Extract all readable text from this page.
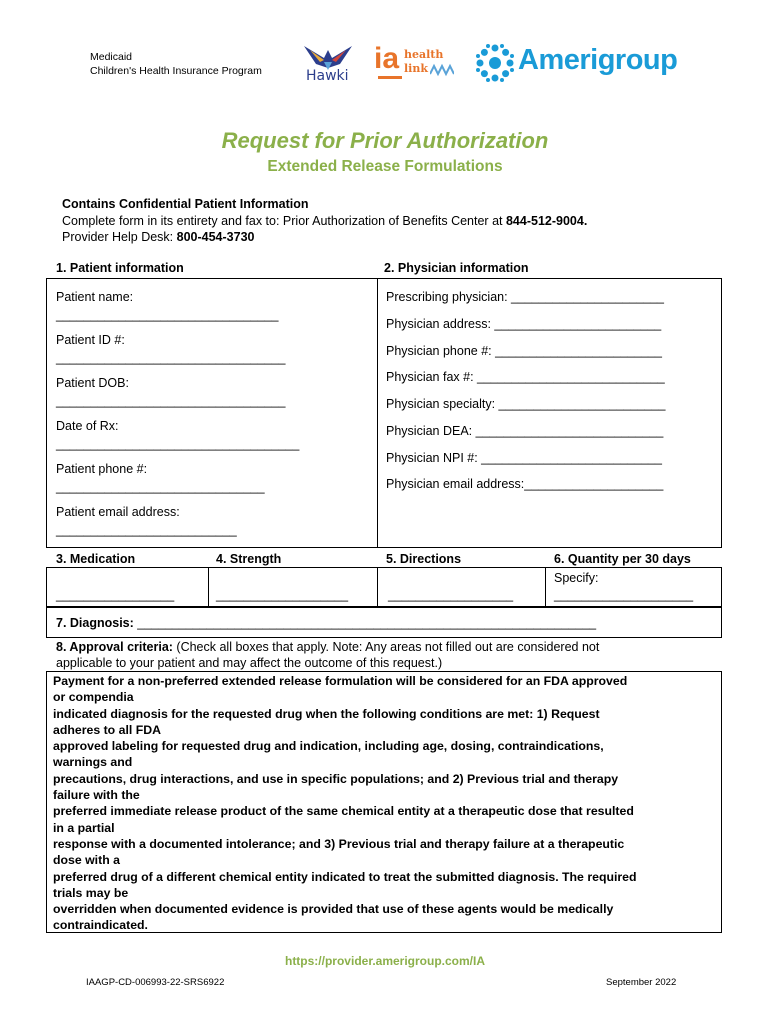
Medicaid
Children's Health Insurance Program	Hawki
ia health
link	Amerigroup
Request for Prior Authorization
Extended Release Formulations
Contains Confidential Patient Information
Complete form in its entirety and fax to: Prior Authorization of Benefits Center at 844-512-9004.
Provider Help Desk: 800-454-3730
1. Patient information	2. Physician information
Patient name:
________________________________
Patient ID #:
_________________________________
Patient DOB:
_________________________________
Date of Rx:
___________________________________
Patient phone #:
______________________________
Patient email address:
__________________________
Prescribing physician: ______________________
Physician address: ________________________
Physician phone #: ________________________
Physician fax #: ___________________________
Physician specialty: ________________________
Physician DEA: ___________________________
Physician NPI #: __________________________
Physician email address:____________________
3. Medication	4. Strength	5. Directions	6. Quantity per 30 days
Specify:
_________________	___________________	__________________	____________________
7. Diagnosis: __________________________________________________________________
8. Approval criteria: (Check all boxes that apply. Note: Any areas not filled out are considered not
applicable to your patient and may affect the outcome of this request.)
Payment for a non-preferred extended release formulation will be considered for an FDA approved
or compendia
indicated diagnosis for the requested drug when the following conditions are met: 1) Request
adheres to all FDA
approved labeling for requested drug and indication, including age, dosing, contraindications,
warnings and
precautions, drug interactions, and use in specific populations; and 2) Previous trial and therapy
failure with the
preferred immediate release product of the same chemical entity at a therapeutic dose that resulted
in a partial
response with a documented intolerance; and 3) Previous trial and therapy failure at a therapeutic
dose with a
preferred drug of a different chemical entity indicated to treat the submitted diagnosis. The required
trials may be
overridden when documented evidence is provided that use of these agents would be medically
contraindicated.
https://provider.amerigroup.com/IA
IAAGP-CD-006993-22-SRS6922	September 2022
